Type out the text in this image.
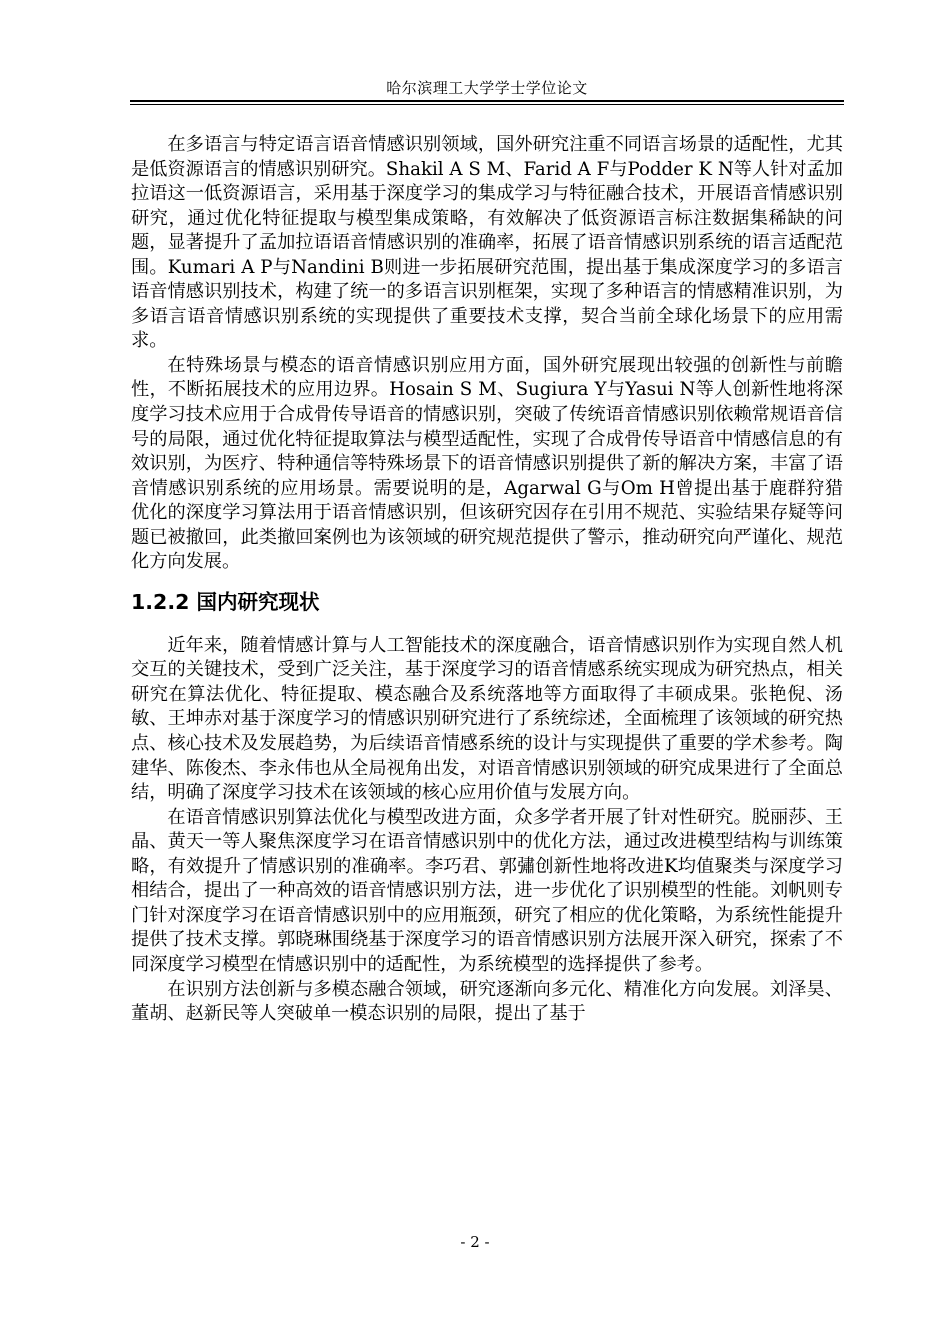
哈尔滨理工大学学士学位论文

在多语言与特定语言语音情感识别领域，国外研究注重不同语言场景的适配性，尤其是低资源语言的情感识别研究。Shakil A S M、Farid A F与Podder K N等人针对孟加拉语这一低资源语言，采用基于深度学习的集成学习与特征融合技术，开展语音情感识别研究，通过优化特征提取与模型集成策略，有效解决了低资源语言标注数据集稀缺的问题，显著提升了孟加拉语语音情感识别的准确率，拓展了语音情感识别系统的语言适配范围。Kumari A P与Nandini B则进一步拓展研究范围，提出基于集成深度学习的多语言语音情感识别技术，构建了统一的多语言识别框架，实现了多种语言的情感精准识别，为多语言语音情感识别系统的实现提供了重要技术支撑，契合当前全球化场景下的应用需求。

在特殊场景与模态的语音情感识别应用方面，国外研究展现出较强的创新性与前瞻性，不断拓展技术的应用边界。Hosain S M、Sugiura Y与Yasui N等人创新性地将深度学习技术应用于合成骨传导语音的情感识别，突破了传统语音情感识别依赖常规语音信号的局限，通过优化特征提取算法与模型适配性，实现了合成骨传导语音中情感信息的有效识别，为医疗、特种通信等特殊场景下的语音情感识别提供了新的解决方案，丰富了语音情感识别系统的应用场景。需要说明的是，Agarwal G与Om H曾提出基于鹿群狩猎优化的深度学习算法用于语音情感识别，但该研究因存在引用不规范、实验结果存疑等问题已被撤回，此类撤回案例也为该领域的研究规范提供了警示，推动研究向严谨化、规范化方向发展。

1.2.2 国内研究现状

近年来，随着情感计算与人工智能技术的深度融合，语音情感识别作为实现自然人机交互的关键技术，受到广泛关注，基于深度学习的语音情感系统实现成为研究热点，相关研究在算法优化、特征提取、模态融合及系统落地等方面取得了丰硕成果。张艳倪、汤敏、王坤赤对基于深度学习的情感识别研究进行了系统综述，全面梳理了该领域的研究热点、核心技术及发展趋势，为后续语音情感系统的设计与实现提供了重要的学术参考。陶建华、陈俊杰、李永伟也从全局视角出发，对语音情感识别领域的研究成果进行了全面总结，明确了深度学习技术在该领域的核心应用价值与发展方向。

在语音情感识别算法优化与模型改进方面，众多学者开展了针对性研究。脱丽莎、王晶、黄天一等人聚焦深度学习在语音情感识别中的优化方法，通过改进模型结构与训练策略，有效提升了情感识别的准确率。李巧君、郭彇创新性地将改进K均值聚类与深度学习相结合，提出了一种高效的语音情感识别方法，进一步优化了识别模型的性能。刘帆则专门针对深度学习在语音情感识别中的应用瓶颈，研究了相应的优化策略，为系统性能提升提供了技术支撑。郭晓琳围绕基于深度学习的语音情感识别方法展开深入研究，探索了不同深度学习模型在情感识别中的适配性，为系统模型的选择提供了参考。

在识别方法创新与多模态融合领域，研究逐渐向多元化、精准化方向发展。刘泽昊、董胡、赵新民等人突破单一模态识别的局限，提出了基于

- 2 -
